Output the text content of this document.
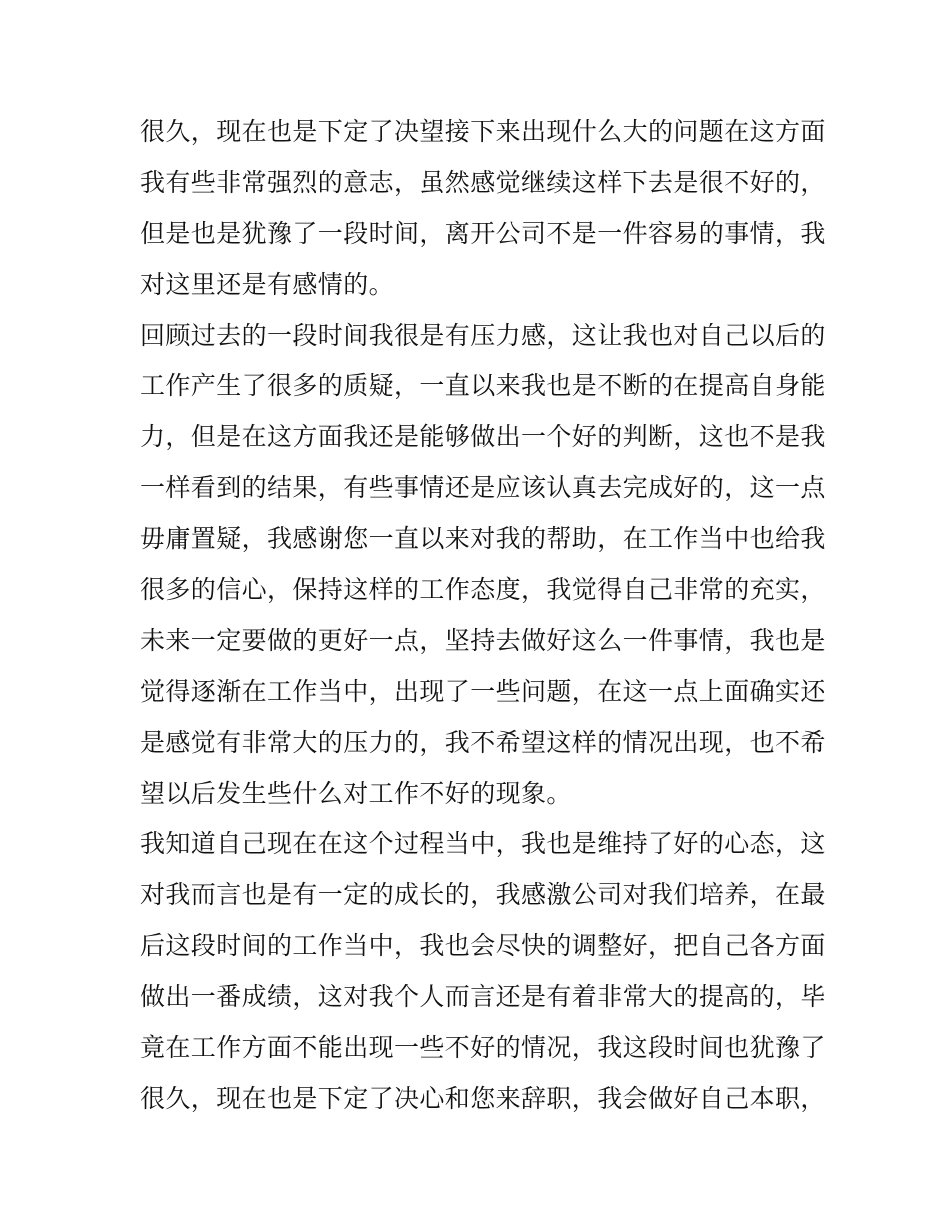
很久，现在也是下定了决望接下来出现什么大的问题在这方面
我有些非常强烈的意志，虽然感觉继续这样下去是很不好的，
但是也是犹豫了一段时间，离开公司不是一件容易的事情，我
对这里还是有感情的。
回顾过去的一段时间我很是有压力感，这让我也对自己以后的
工作产生了很多的质疑，一直以来我也是不断的在提高自身能
力，但是在这方面我还是能够做出一个好的判断，这也不是我
一样看到的结果，有些事情还是应该认真去完成好的，这一点
毋庸置疑，我感谢您一直以来对我的帮助，在工作当中也给我
很多的信心，保持这样的工作态度，我觉得自己非常的充实，
未来一定要做的更好一点，坚持去做好这么一件事情，我也是
觉得逐渐在工作当中，出现了一些问题，在这一点上面确实还
是感觉有非常大的压力的，我不希望这样的情况出现，也不希
望以后发生些什么对工作不好的现象。
我知道自己现在在这个过程当中，我也是维持了好的心态，这
对我而言也是有一定的成长的，我感激公司对我们培养，在最
后这段时间的工作当中，我也会尽快的调整好，把自己各方面
做出一番成绩，这对我个人而言还是有着非常大的提高的，毕
竟在工作方面不能出现一些不好的情况，我这段时间也犹豫了
很久，现在也是下定了决心和您来辞职，我会做好自己本职，
